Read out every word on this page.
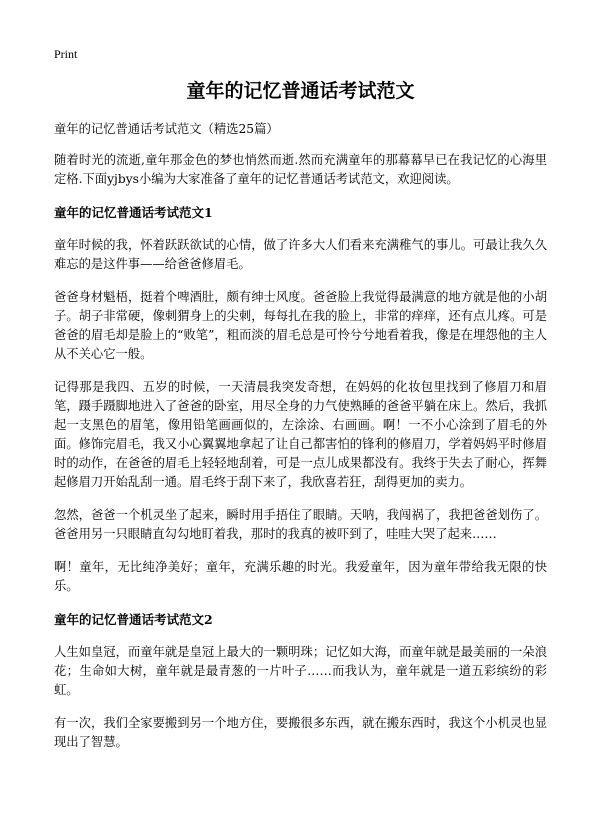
Print
童年的记忆普通话考试范文

童年的记忆普通话考试范文（精选25篇）

随着时光的流逝,童年那金色的梦也悄然而逝.然而充满童年的那幕幕早已在我记忆的心海里定格.下面yjbys小编为大家准备了童年的记忆普通话考试范文，欢迎阅读。

童年的记忆普通话考试范文1

童年时候的我，怀着跃跃欲试的心情，做了许多大人们看来充满稚气的事儿。可最让我久久难忘的是这件事——给爸爸修眉毛。

爸爸身材魁梧，挺着个啤酒肚，颇有绅士风度。爸爸脸上我觉得最满意的地方就是他的小胡子。胡子非常硬，像刺猬身上的尖刺，每每扎在我的脸上，非常的痒痒，还有点儿疼。可是爸爸的眉毛却是脸上的“败笔”，粗而淡的眉毛总是可怜兮兮地看着我，像是在埋怨他的主人从不关心它一般。

记得那是我四、五岁的时候，一天清晨我突发奇想，在妈妈的化妆包里找到了修眉刀和眉笔，蹑手蹑脚地进入了爸爸的卧室，用尽全身的力气使熟睡的爸爸平躺在床上。然后，我抓起一支黑色的眉笔，像用铅笔画画似的，左涂涂、右画画。啊！一不小心涂到了眉毛的外面。修饰完眉毛，我又小心翼翼地拿起了让自己都害怕的锋利的修眉刀，学着妈妈平时修眉时的动作，在爸爸的眉毛上轻轻地刮着，可是一点儿成果都没有。我终于失去了耐心，挥舞起修眉刀开始乱刮一通。眉毛终于刮下来了，我欣喜若狂，刮得更加的卖力。

忽然，爸爸一个机灵坐了起来，瞬时用手捂住了眼睛。天呐，我闯祸了，我把爸爸划伤了。爸爸用另一只眼睛直勾勾地盯着我，那时的我真的被吓到了，哇哇大哭了起来……

啊！童年，无比纯净美好；童年，充满乐趣的时光。我爱童年，因为童年带给我无限的快乐。

童年的记忆普通话考试范文2

人生如皇冠，而童年就是皇冠上最大的一颗明珠；记忆如大海，而童年就是最美丽的一朵浪花；生命如大树，童年就是最青葱的一片叶子……而我认为，童年就是一道五彩缤纷的彩虹。

有一次，我们全家要搬到另一个地方住，要搬很多东西，就在搬东西时，我这个小机灵也显现出了智慧。
